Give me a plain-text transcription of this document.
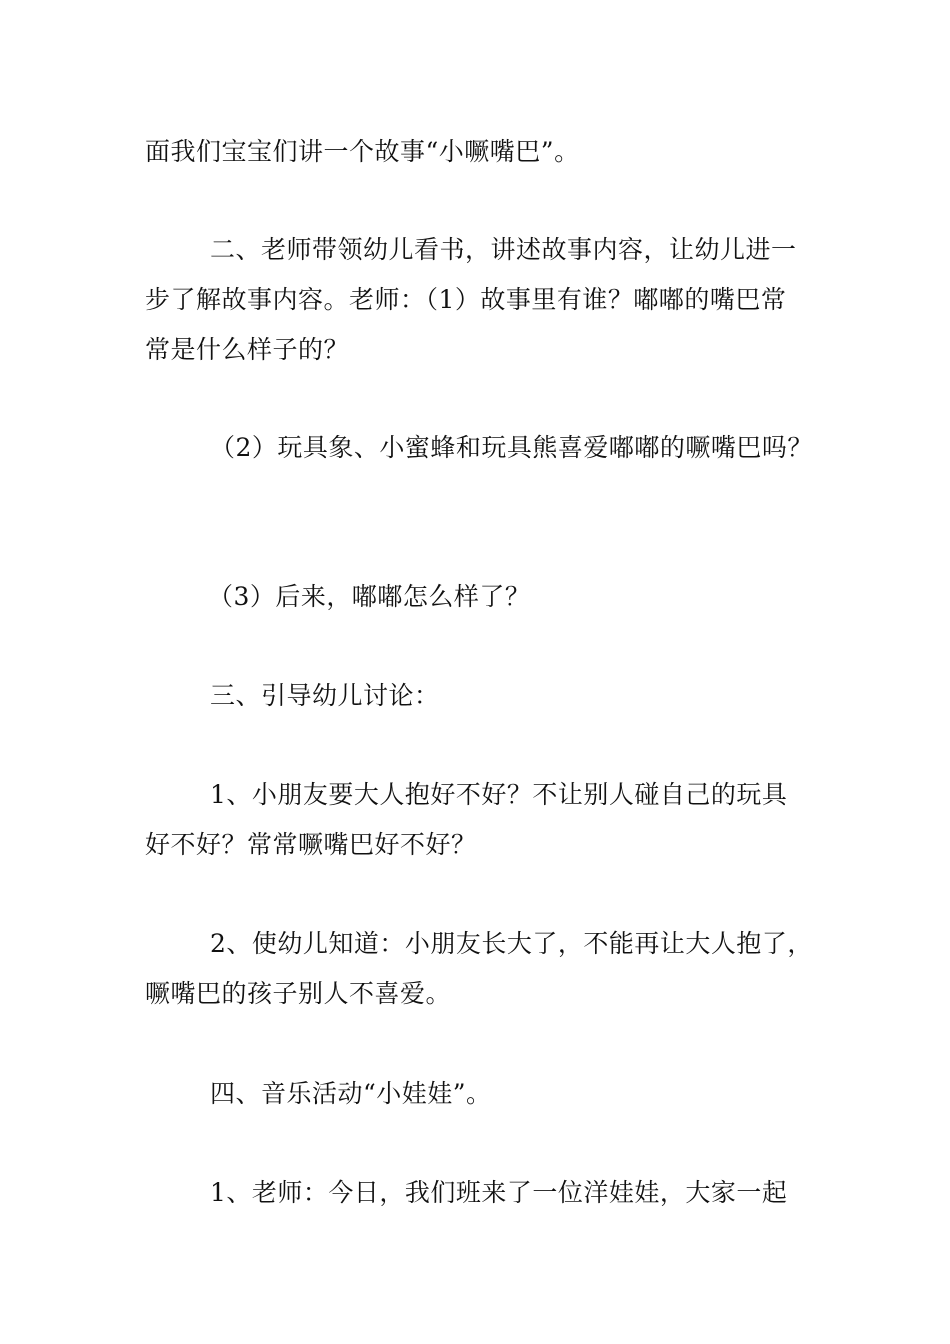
面我们宝宝们讲一个故事“小噘嘴巴”。
二、老师带领幼儿看书，讲述故事内容，让幼儿进一
步了解故事内容。老师：（1）故事里有谁？嘟嘟的嘴巴常
常是什么样子的？
（2）玩具象、小蜜蜂和玩具熊喜爱嘟嘟的噘嘴巴吗？
（3）后来，嘟嘟怎么样了？
三、引导幼儿讨论：
1、小朋友要大人抱好不好？不让别人碰自己的玩具
好不好？常常噘嘴巴好不好？
2、使幼儿知道：小朋友长大了，不能再让大人抱了，
噘嘴巴的孩子别人不喜爱。
四、音乐活动“小娃娃”。
1、老师：今日，我们班来了一位洋娃娃，大家一起
